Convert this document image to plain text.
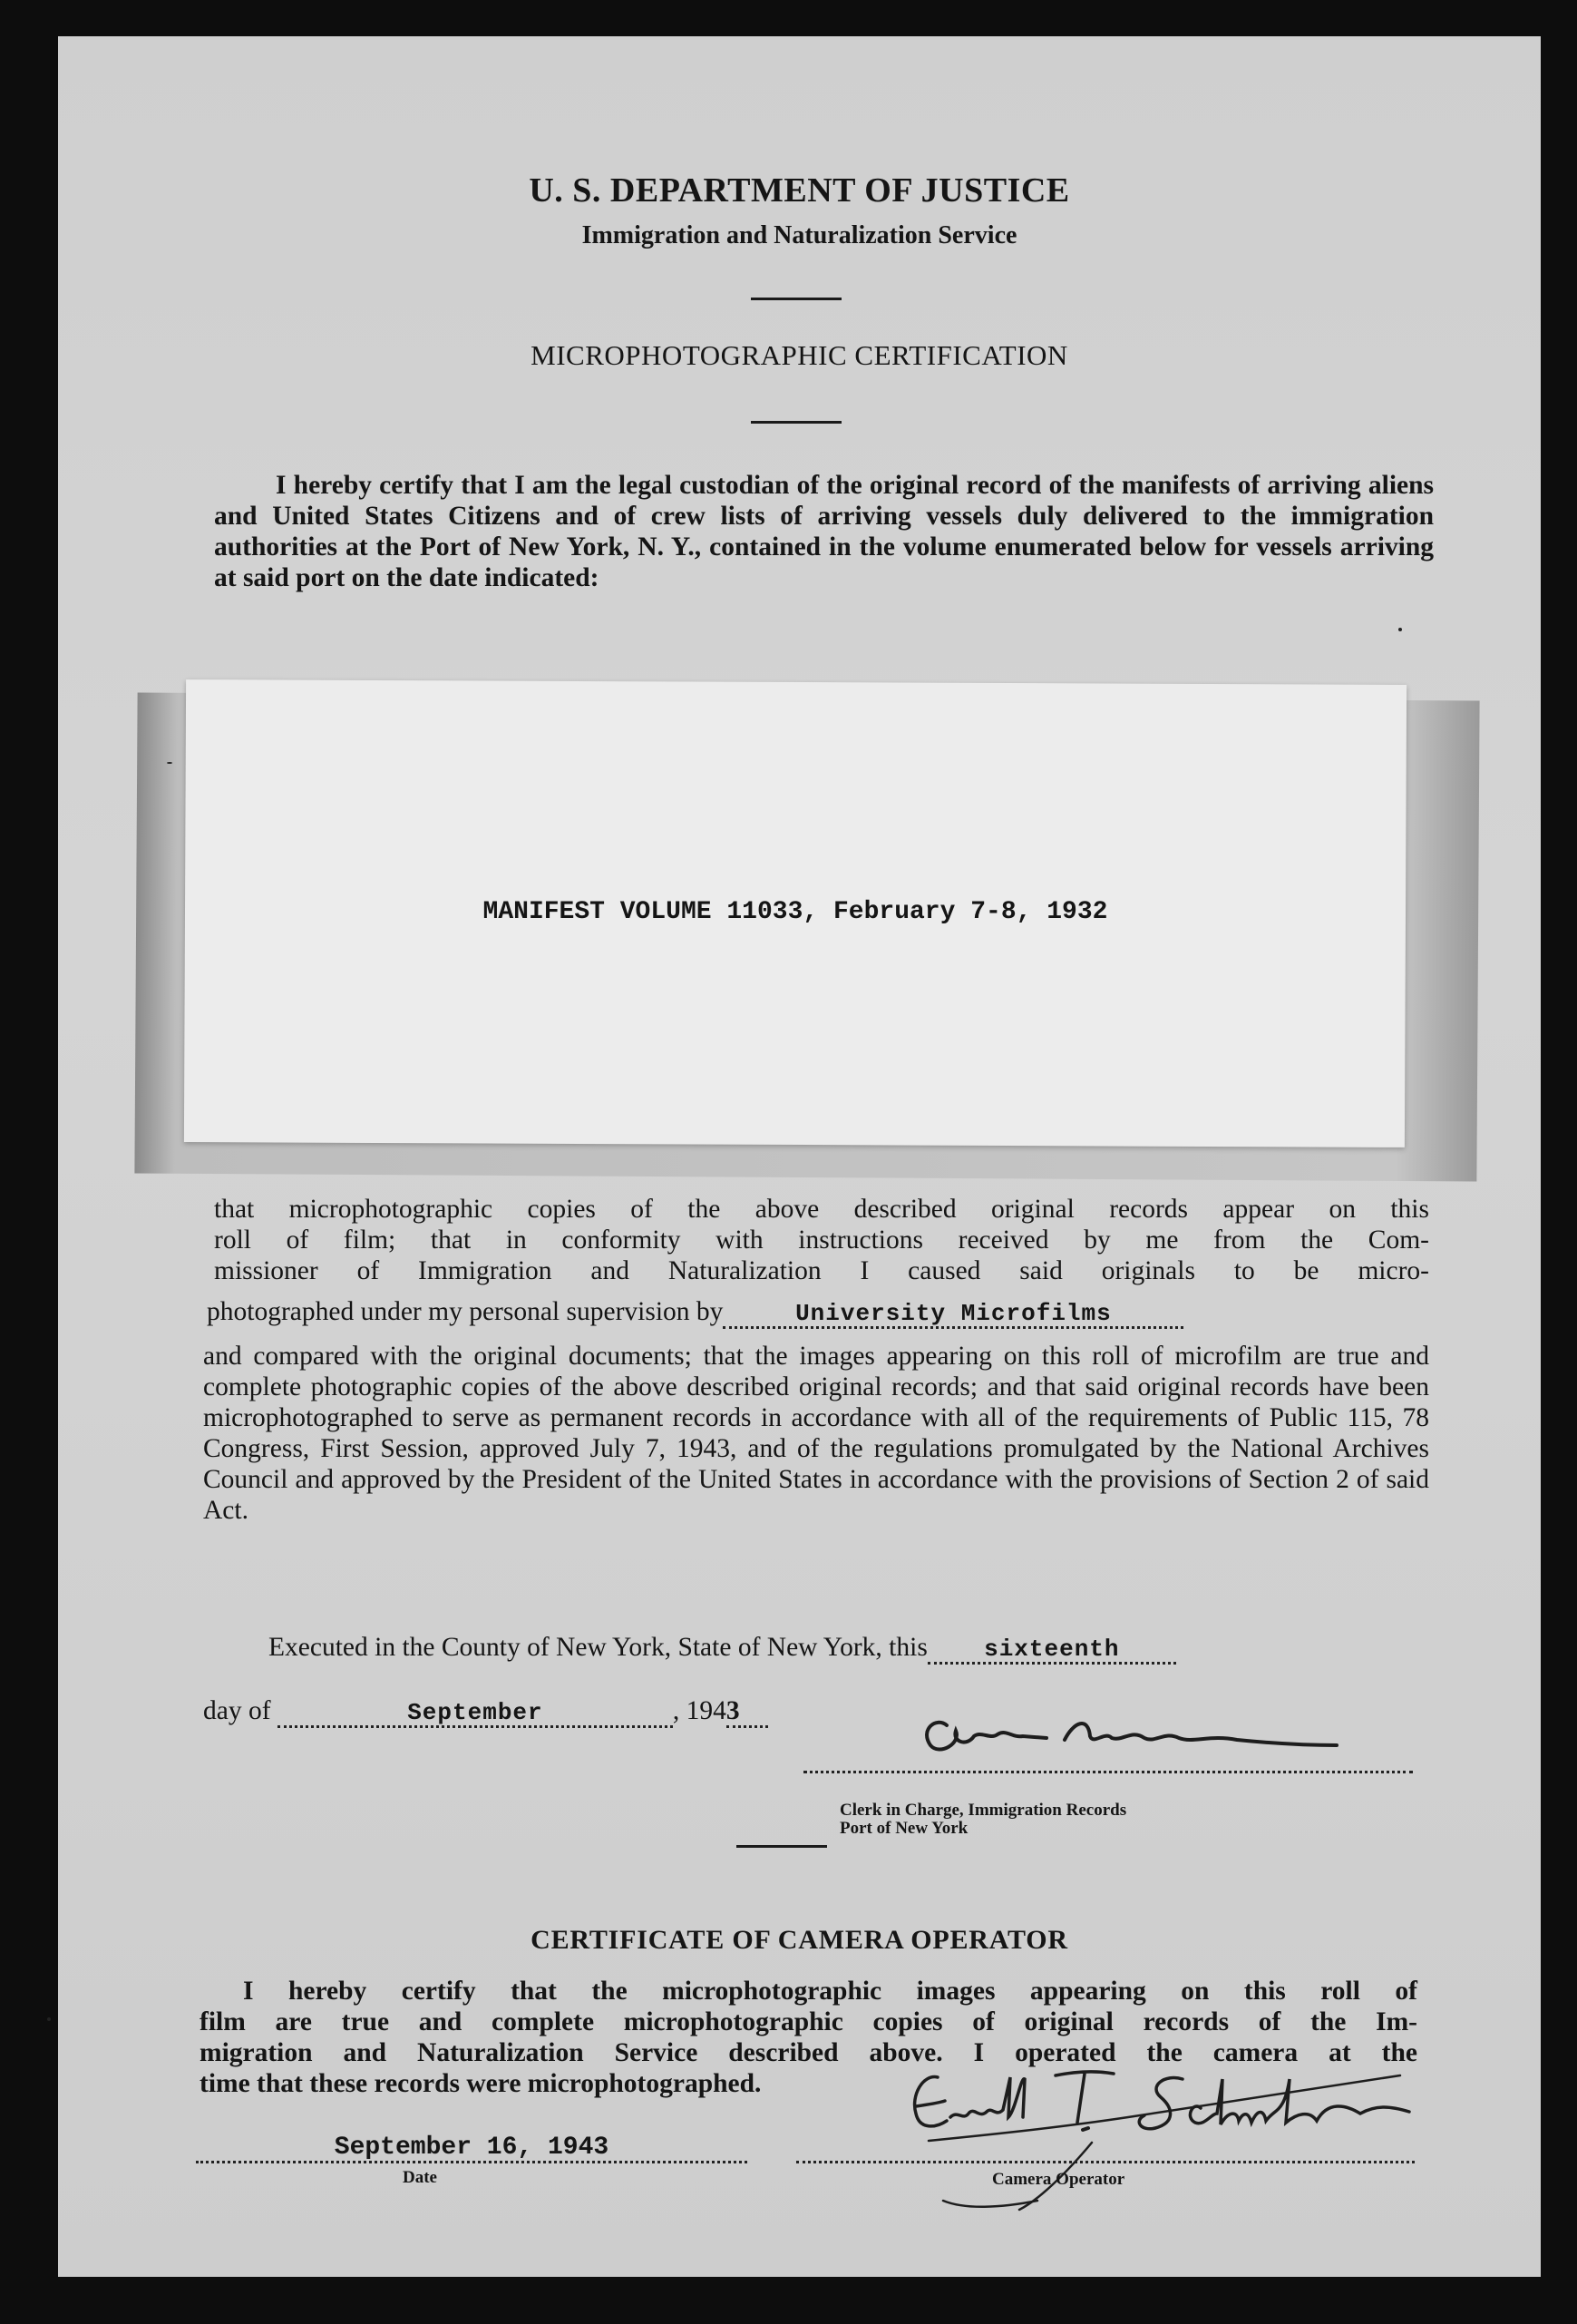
U. S. DEPARTMENT OF JUSTICE
Immigration and Naturalization Service
MICROPHOTOGRAPHIC CERTIFICATION
I hereby certify that I am the legal custodian of the original record of the manifests of arriving aliens and United States Citizens and of crew lists of arriving vessels duly delivered to the immigration authorities at the Port of New York, N. Y., contained in the volume enumerated below for vessels arriving at said port on the date indicated:
MANIFEST VOLUME 11033, February 7-8, 1932
that microphotographic copies of the above described original records appear on this
roll of film; that in conformity with instructions received by me from the Com-
missioner of Immigration and Naturalization I caused said originals to be micro-
photographed under my personal supervision by	University Microfilms
and compared with the original documents; that the images appearing on this roll of microfilm are true and complete photographic copies of the above described original records; and that said original records have been microphotographed to serve as permanent records in accordance with all of the requirements of Public 115, 78 Congress, First Session, approved July 7, 1943, and of the regulations promulgated by the National Archives Council and approved by the President of the United States in accordance with the provisions of Section 2 of said Act.
Executed in the County of New York, State of New York, this sixteenth
day of	September	, 1943
Clerk in Charge, Immigration Records
Port of New York
CERTIFICATE OF CAMERA OPERATOR
I hereby certify that the microphotographic images appearing on this roll of
film are true and complete microphotographic copies of original records of the Im-
migration and Naturalization Service described above. I operated the camera at the
time that these records were microphotographed.
September 16, 1943
Date	Camera Operator
